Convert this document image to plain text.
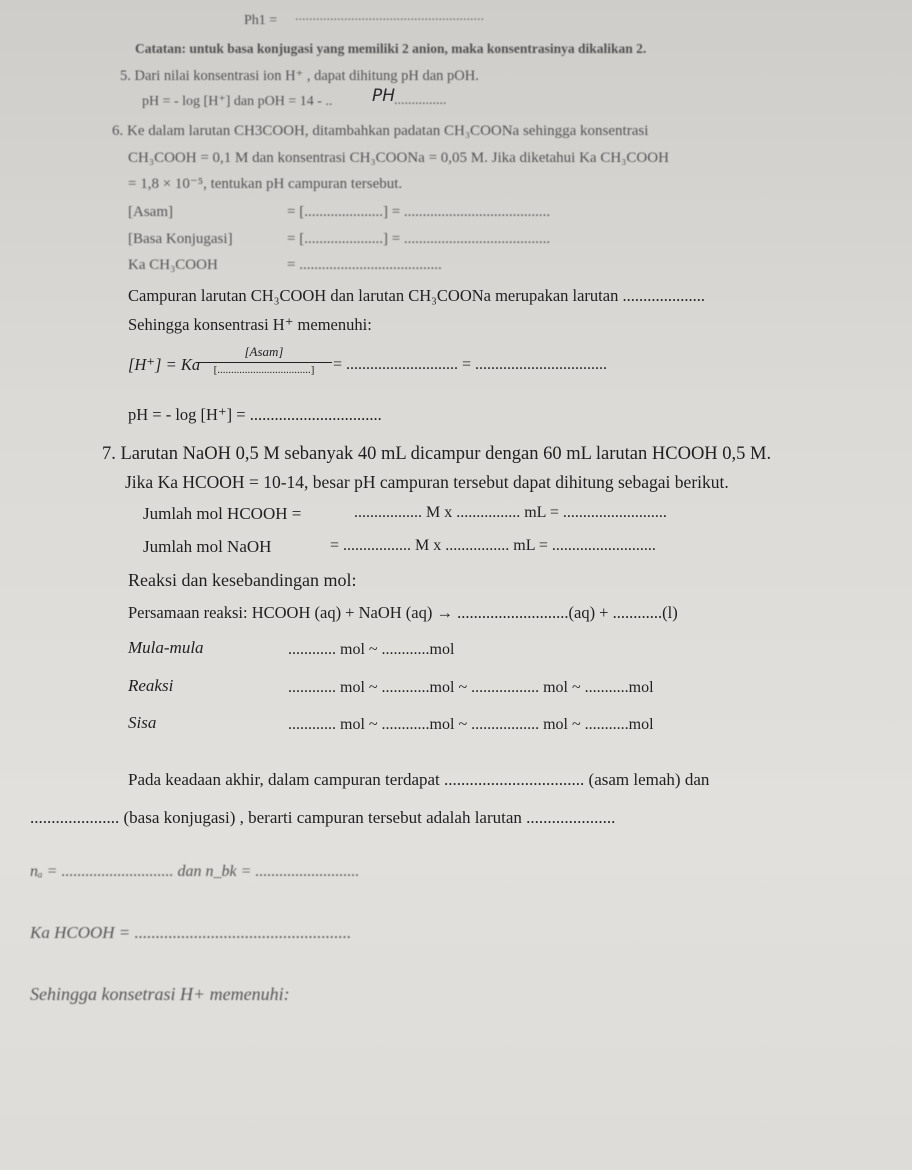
Ph1 = ......................................................
Catatan: untuk basa konjugasi yang memiliki 2 anion, maka konsentrasinya dikalikan 2.
5. Dari nilai konsentrasi ion H⁺ , dapat dihitung pH dan pOH.
pH = - log [H⁺] dan pOH = 14 - .. PH
...............
6. Ke dalam larutan CH3COOH, ditambahkan padatan CH₃COONa sehingga konsentrasi
CH₃COOH = 0,1 M dan konsentrasi CH₃COONa = 0,05 M. Jika diketahui Ka CH₃COOH
= 1,8 × 10⁻⁵, tentukan pH campuran tersebut.
[Asam]	= [.....................] = .......................................
[Basa Konjugasi]	= [.....................] = .......................................
Ka CH₃COOH	= ......................................
Campuran larutan CH₃COOH dan larutan CH₃COONa merupakan larutan ....................
Sehingga konsentrasi H⁺ memenuhi:
[H⁺] = Ka
[Asam]
[..................................]	= ............................ = .................................
pH = - log [H⁺] = ................................
7. Larutan NaOH 0,5 M sebanyak 40 mL dicampur dengan 60 mL larutan HCOOH 0,5 M.
Jika Ka HCOOH = 10-14, besar pH campuran tersebut dapat dihitung sebagai berikut.
Jumlah mol HCOOH =	................. M x ................ mL = ..........................
Jumlah mol NaOH	= ................. M x ................ mL = ..........................
Reaksi dan kesebandingan mol:
Persamaan reaksi: HCOOH (aq) + NaOH (aq) → ...........................(aq) + ............(l)
Mula-mula	............ mol ~ ............mol
Reaksi	............ mol ~ ............mol ~ ................. mol ~ ...........mol
Sisa	............ mol ~ ............mol ~ ................. mol ~ ...........mol
Pada keadaan akhir, dalam campuran terdapat ................................. (asam lemah) dan
..................... (basa konjugasi) , berarti campuran tersebut adalah larutan .....................
nₐ = ............................ dan n_bk = ..........................
Ka HCOOH = ...................................................
Sehingga konsetrasi H+ memenuhi:
